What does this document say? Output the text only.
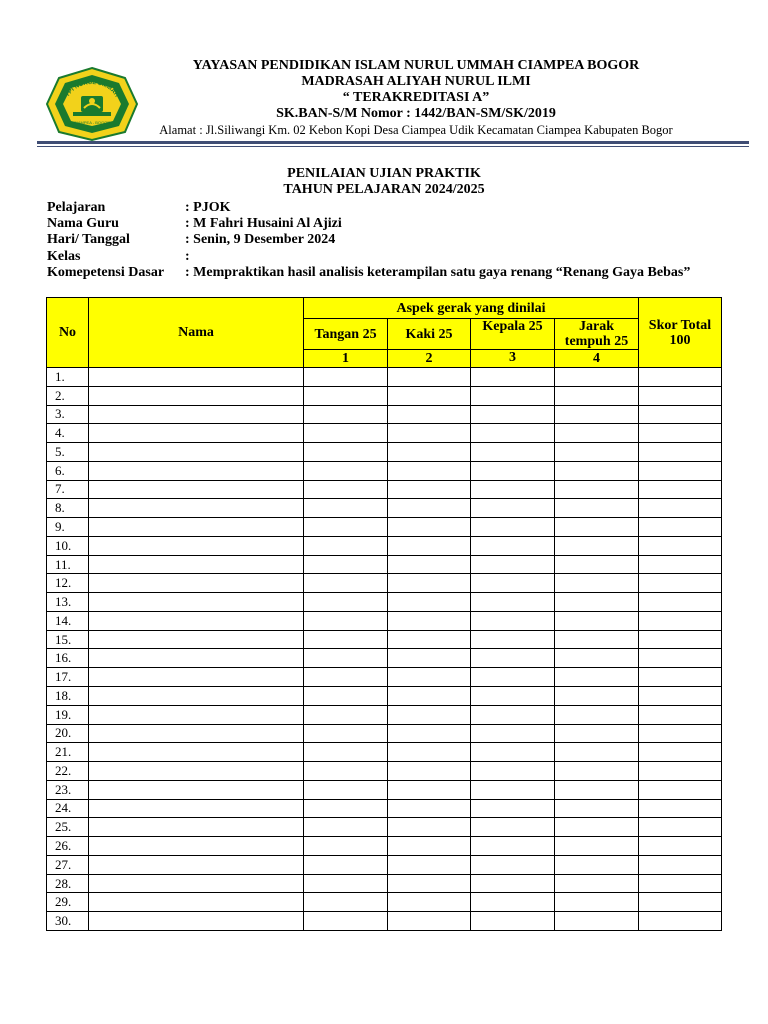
YPI NURUL UMMAH
CIAMPEA - BOGOR
YAYASAN PENDIDIKAN ISLAM NURUL UMMAH CIAMPEA BOGOR
MADRASAH ALIYAH NURUL ILMI
“ TERAKREDITASI A”
SK.BAN-S/M Nomor : 1442/BAN-SM/SK/2019
Alamat : Jl.Siliwangi Km. 02 Kebon Kopi Desa Ciampea Udik Kecamatan Ciampea Kabupaten Bogor
PENILAIAN UJIAN PRAKTIK
TAHUN PELAJARAN 2024/2025
Pelajaran	: PJOK
Nama Guru	: M Fahri Husaini Al Ajizi
Hari/ Tanggal	: Senin, 9 Desember 2024
Kelas	:
Komepetensi Dasar	: Mempraktikan hasil analisis keterampilan satu gaya renang “Renang Gaya Bebas”
No	Nama	Aspek gerak yang dinilai				Skor Total 100
		Tangan 25	Kaki 25	Kepala 25	Jarak tempuh 25	
		1	2	3	4	
1.						
2.						
3.						
4.						
5.						
6.						
7.						
8.						
9.						
10.						
11.						
12.						
13.						
14.						
15.						
16.						
17.						
18.						
19.						
20.						
21.						
22.						
23.						
24.						
25.						
26.						
27.						
28.						
29.						
30.						
